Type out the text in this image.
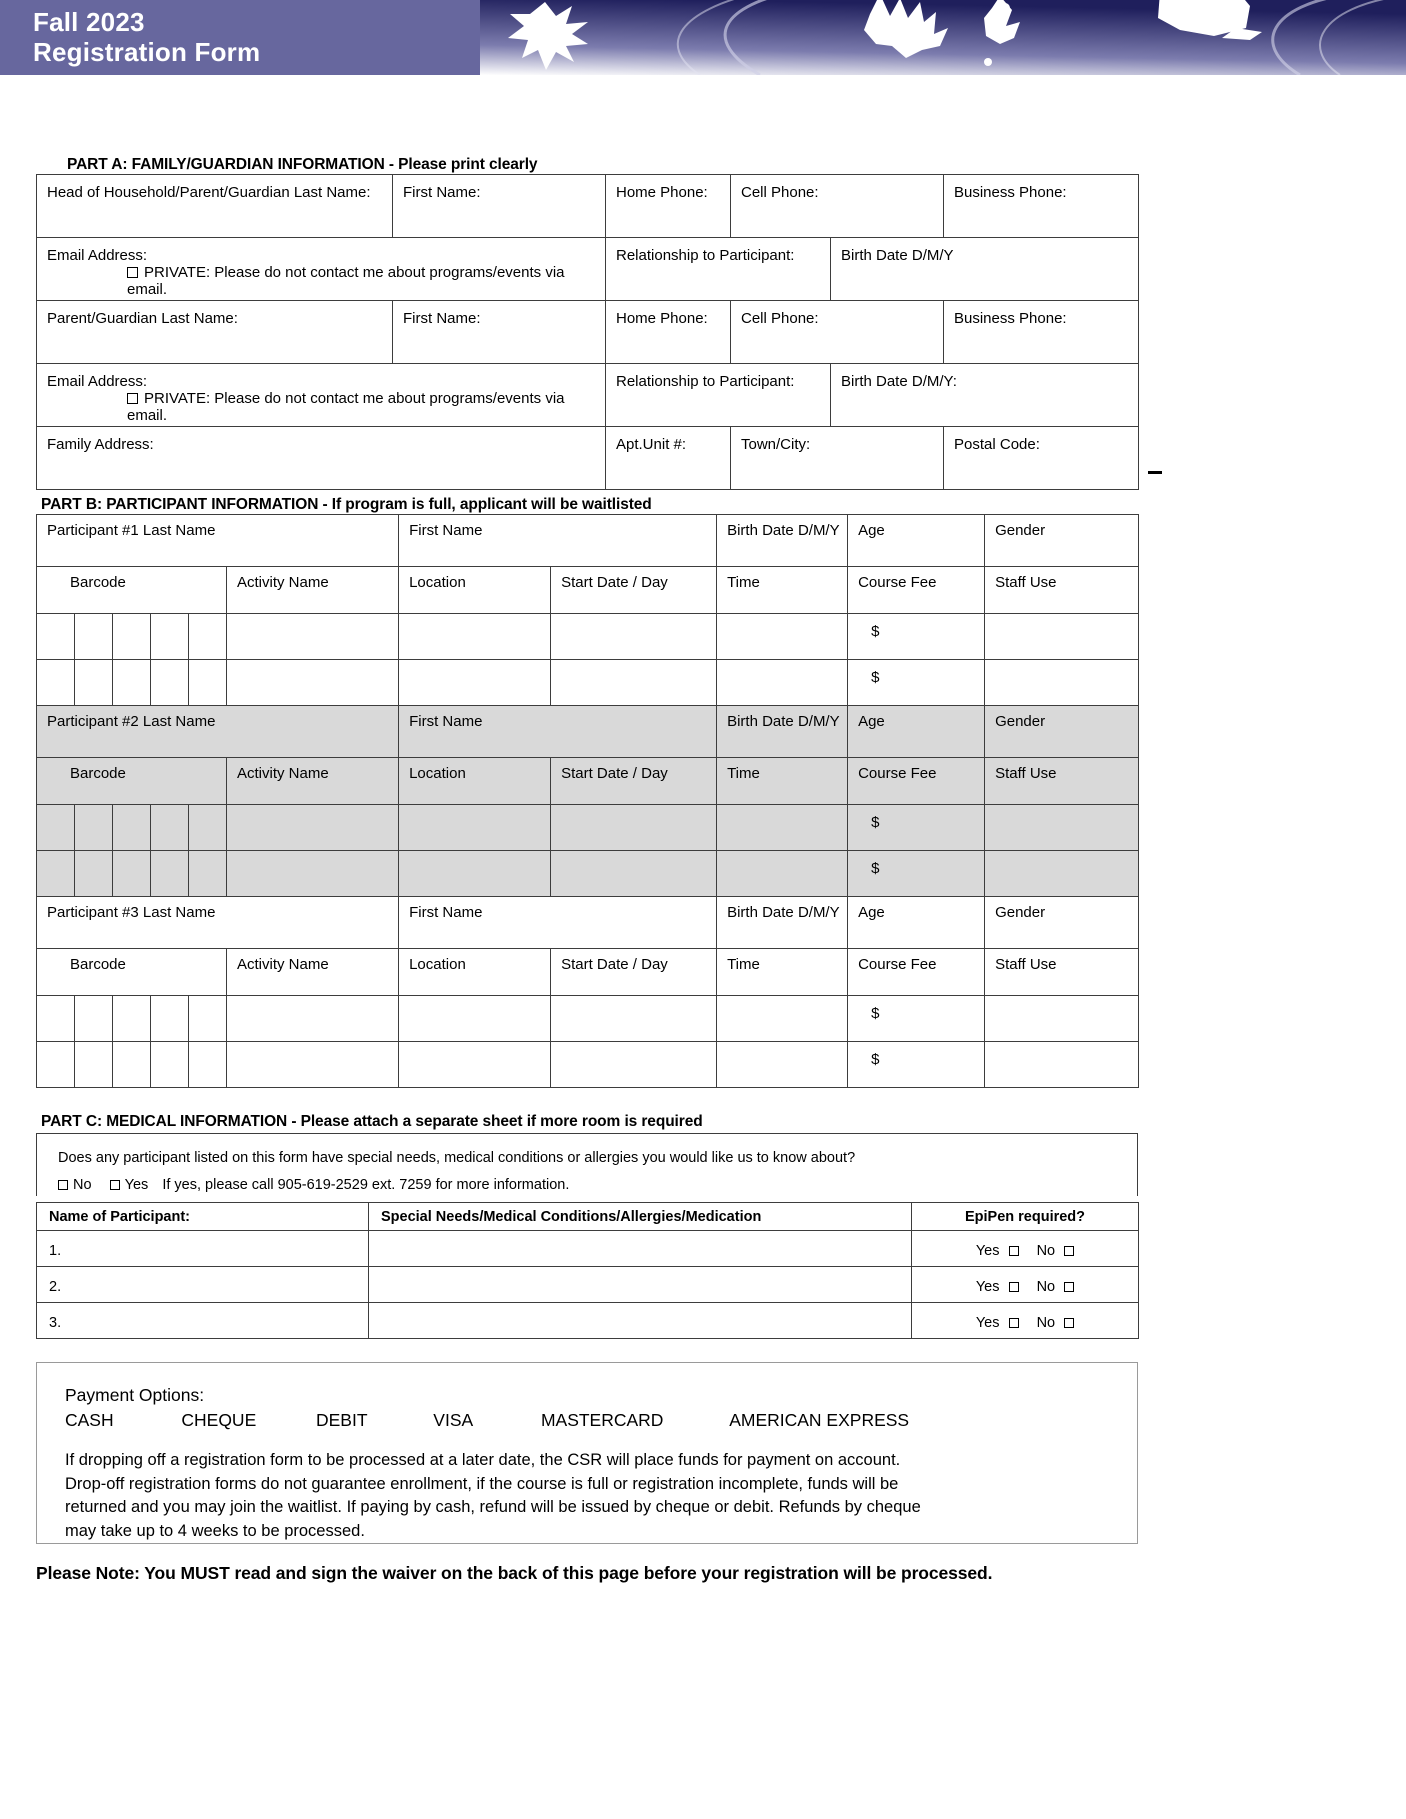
Fall 2023
Registration Form
PART A: FAMILY/GUARDIAN INFORMATION - Please print clearly
Head of Household/Parent/Guardian Last Name:	First Name:	Home Phone:	Cell Phone:		Business Phone:
Email Address: PRIVATE: Please do not contact me about programs/events via email.		Relationship to Participant:		Birth Date D/M/Y	
Parent/Guardian Last Name:	First Name:	Home Phone:	Cell Phone:		Business Phone:
Email Address: PRIVATE: Please do not contact me about programs/events via email.		Relationship to Participant:		Birth Date D/M/Y:	
Family Address:		Apt.Unit #:	Town/City:		Postal Code:
PART B: PARTICIPANT INFORMATION - If program is full, applicant will be waitlisted
Participant #1 Last Name						First Name		Birth Date D/M/Y	Age	Gender
Barcode					Activity Name	Location	Start Date / Day	Time	Course Fee	Staff Use
									$	
									$	
Participant #2 Last Name						First Name		Birth Date D/M/Y	Age	Gender
Barcode					Activity Name	Location	Start Date / Day	Time	Course Fee	Staff Use
									$	
									$	
Participant #3 Last Name						First Name		Birth Date D/M/Y	Age	Gender
Barcode					Activity Name	Location	Start Date / Day	Time	Course Fee	Staff Use
									$	
									$	
PART C: MEDICAL INFORMATION - Please attach a separate sheet if more room is required
Does any participant listed on this form have special needs, medical conditions or allergies you would like us to know about?
No Yes If yes, please call 905-619-2529 ext. 7259 for more information.
Name of Participant:	Special Needs/Medical Conditions/Allergies/Medication	EpiPen required?
1.		Yes No
2.		Yes No
3.		Yes No
Payment Options:
CASH	CHEQUE	DEBIT	VISA	MASTERCARD	AMERICAN EXPRESS
If dropping off a registration form to be processed at a later date, the CSR will place funds for payment on account.
Drop-off registration forms do not guarantee enrollment, if the course is full or registration incomplete, funds will be
returned and you may join the waitlist. If paying by cash, refund will be issued by cheque or debit. Refunds by cheque
may take up to 4 weeks to be processed.
Please Note: You MUST read and sign the waiver on the back of this page before your registration will be processed.
